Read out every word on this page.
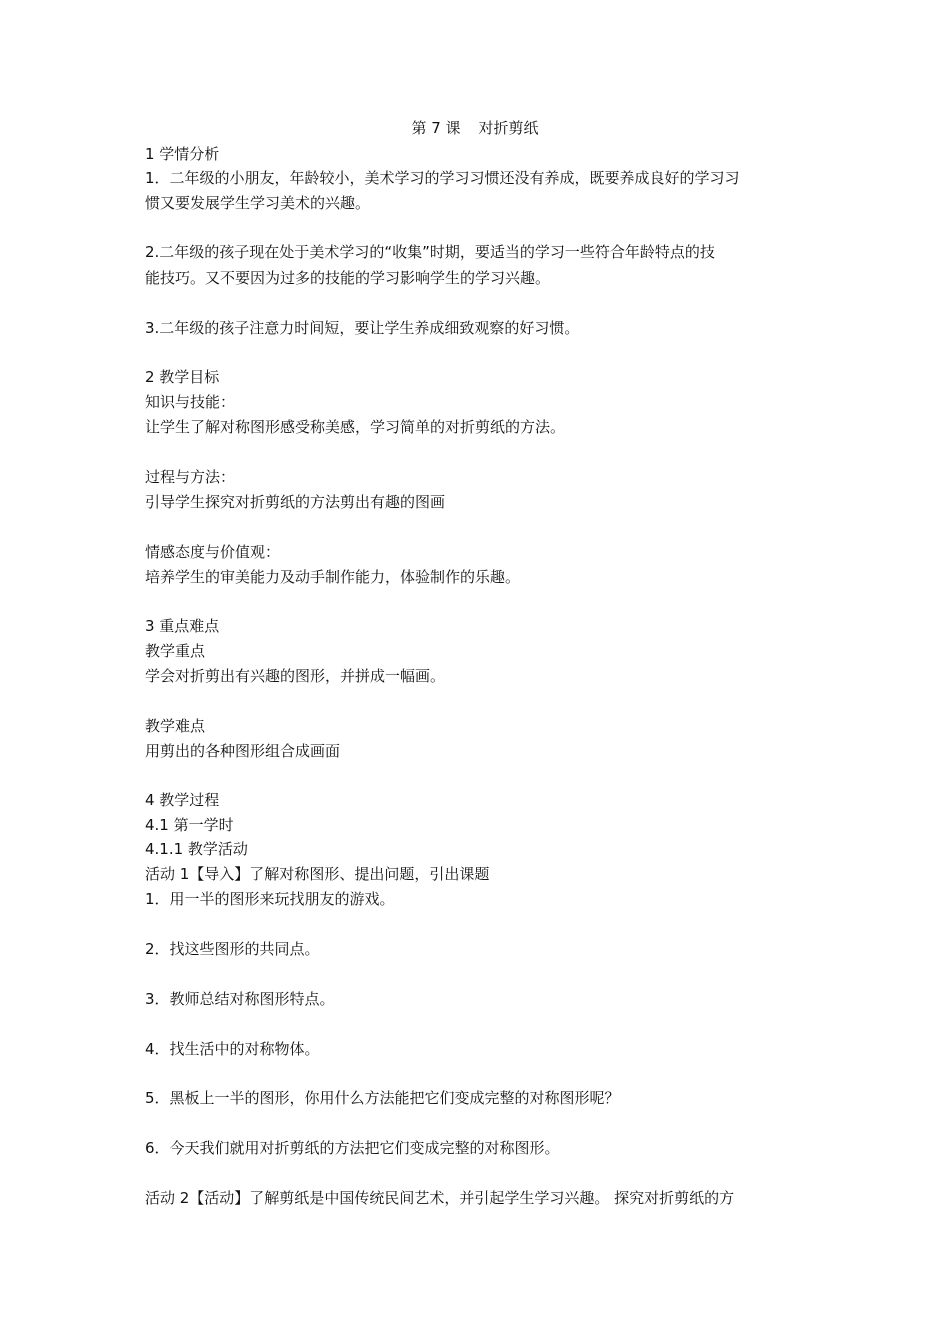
第 7 课 对折剪纸
1 学情分析
1．二年级的小朋友，年龄较小，美术学习的学习习惯还没有养成，既要养成良好的学习习
惯又要发展学生学习美术的兴趣。
2.二年级的孩子现在处于美术学习的“收集”时期，要适当的学习一些符合年龄特点的技
能技巧。又不要因为过多的技能的学习影响学生的学习兴趣。
3.二年级的孩子注意力时间短，要让学生养成细致观察的好习惯。
2 教学目标
知识与技能：
让学生了解对称图形感受称美感，学习简单的对折剪纸的方法。
过程与方法：
引导学生探究对折剪纸的方法剪出有趣的图画
情感态度与价值观：
培养学生的审美能力及动手制作能力，体验制作的乐趣。
3 重点难点
教学重点
学会对折剪出有兴趣的图形，并拼成一幅画。
教学难点
用剪出的各种图形组合成画面
4 教学过程
4.1 第一学时
4.1.1 教学活动
活动 1【导入】了解对称图形、提出问题，引出课题
1．用一半的图形来玩找朋友的游戏。
2．找这些图形的共同点。
3．教师总结对称图形特点。
4．找生活中的对称物体。
5．黑板上一半的图形，你用什么方法能把它们变成完整的对称图形呢？
6．今天我们就用对折剪纸的方法把它们变成完整的对称图形。
活动 2【活动】了解剪纸是中国传统民间艺术，并引起学生学习兴趣。 探究对折剪纸的方
